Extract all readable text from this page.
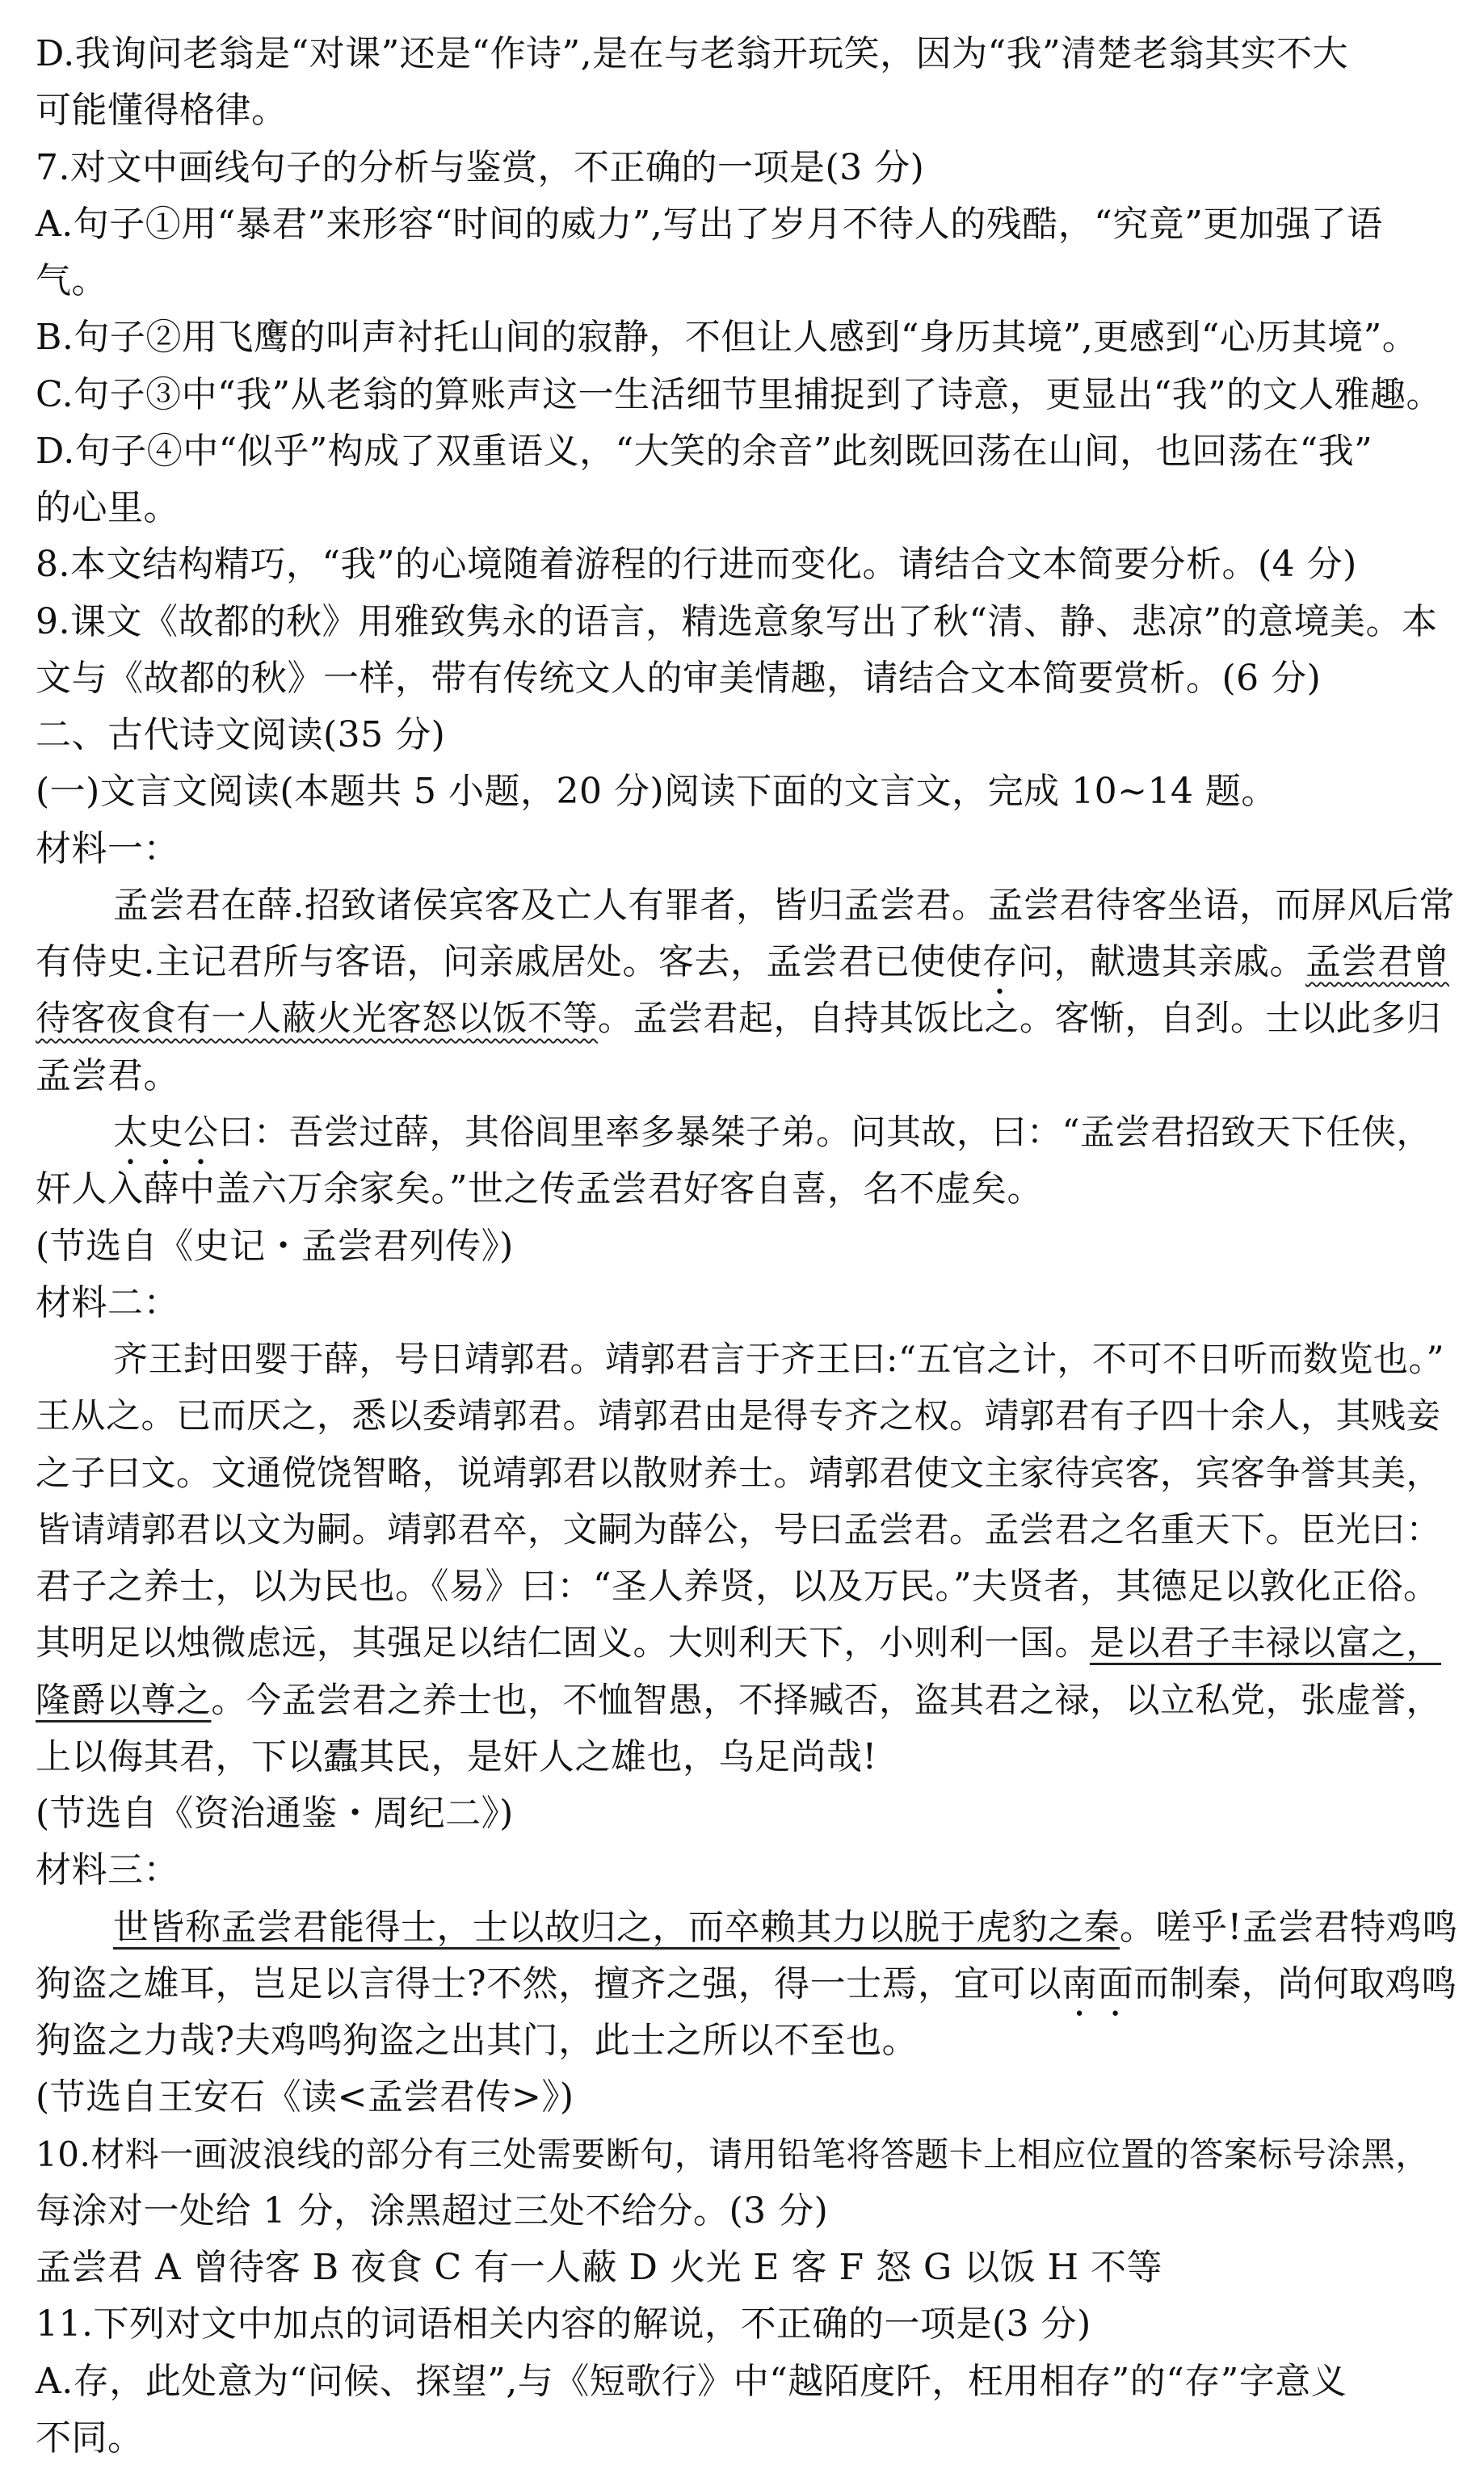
D.我询问老翁是“对课”还是“作诗”,是在与老翁开玩笑，因为“我”清楚老翁其实不大
可能懂得格律。
7.对文中画线句子的分析与鉴赏，不正确的一项是(3 分)
A.句子①用“暴君”来形容“时间的威力”,写出了岁月不待人的残酷，“究竟”更加强了语
气。
B.句子②用飞鹰的叫声衬托山间的寂静，不但让人感到“身历其境”,更感到“心历其境”。
C.句子③中“我”从老翁的算账声这一生活细节里捕捉到了诗意，更显出“我”的文人雅趣。
D.句子④中“似乎”构成了双重语义，“大笑的余音”此刻既回荡在山间，也回荡在“我”
的心里。
8.本文结构精巧，“我”的心境随着游程的行进而变化。请结合文本简要分析。(4 分)
9.课文《故都的秋》用雅致隽永的语言，精选意象写出了秋“清、静、悲凉”的意境美。本
文与《故都的秋》一样，带有传统文人的审美情趣，请结合文本简要赏析。(6 分)
二、古代诗文阅读(35 分)
(一)文言文阅读(本题共 5 小题，20 分)阅读下面的文言文，完成 10~14 题。
材料一：
孟尝君在薛.招致诸侯宾客及亡人有罪者，皆归孟尝君。孟尝君待客坐语，而屏风后常
有侍史.主记君所与客语，问亲戚居处。客去，孟尝君已使使存问，献遗其亲戚。孟尝君曾
待客夜食有一人蔽火光客怒以饭不等。孟尝君起，自持其饭比之。客惭，自刭。士以此多归
孟尝君。
太史公曰：吾尝过薛，其俗闾里率多暴桀子弟。问其故，曰：“孟尝君招致天下任侠，
奸人入薛中盖六万余家矣。”世之传孟尝君好客自喜，名不虚矣。
(节选自《史记・孟尝君列传》)
材料二：
齐王封田婴于薛，号日靖郭君。靖郭君言于齐王曰:“五官之计，不可不日听而数览也。”
王从之。已而厌之，悉以委靖郭君。靖郭君由是得专齐之权。靖郭君有子四十余人，其贱妾
之子曰文。文通傥饶智略，说靖郭君以散财养士。靖郭君使文主家待宾客，宾客争誉其美，
皆请靖郭君以文为嗣。靖郭君卒，文嗣为薛公，号曰孟尝君。孟尝君之名重天下。臣光曰：
君子之养士，以为民也。《易》曰：“圣人养贤，以及万民。”夫贤者，其德足以敦化正俗。
其明足以烛微虑远，其强足以结仁固义。大则利天下，小则利一国。是以君子丰禄以富之，
隆爵以尊之。今孟尝君之养士也，不恤智愚，不择臧否，盗其君之禄，以立私党，张虚誉，
上以侮其君，下以蠹其民，是奸人之雄也，乌足尚哉!
(节选自《资治通鉴・周纪二》)
材料三：
世皆称孟尝君能得士，士以故归之，而卒赖其力以脱于虎豹之秦。嗟乎!孟尝君特鸡鸣
狗盗之雄耳，岂足以言得士?不然，擅齐之强，得一士焉，宜可以南面而制秦，尚何取鸡鸣
狗盗之力哉?夫鸡鸣狗盗之出其门，此士之所以不至也。
(节选自王安石《读<孟尝君传>》)
10.材料一画波浪线的部分有三处需要断句，请用铅笔将答题卡上相应位置的答案标号涂黑，
每涂对一处给 1 分，涂黑超过三处不给分。(3 分)
孟尝君 A 曾待客 B 夜食 C 有一人蔽 D 火光 E 客 F 怒 G 以饭 H 不等
11.下列对文中加点的词语相关内容的解说，不正确的一项是(3 分)
A.存，此处意为“问候、探望”,与《短歌行》中“越陌度阡，枉用相存”的“存”字意义
不同。
